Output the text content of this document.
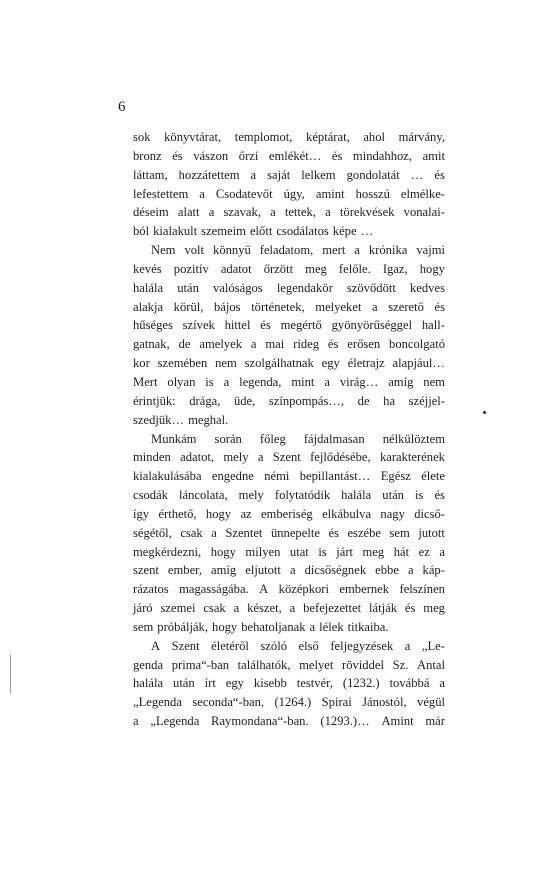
6
sok könyvtárat, templomot, képtárat, ahol márvány,
bronz és vászon őrzi emlékét… és mindahhoz, amit
láttam, hozzátettem a saját lelkem gondolatát … és
lefestettem a Csodatevőt úgy, amint hosszú elmélke-
déseim alatt a szavak, a tettek, a törekvések vonalai-
ból kialakult szemeim előtt csodálatos képe …
Nem volt könnyű feladatom, mert a krónika vajmi
kevés pozitív adatot őrzött meg felőle. Igaz, hogy
halála után valóságos legendakör szövődött kedves
alakja körül, bájos történetek, melyeket a szerető és
hűséges szívek hittel és megértő gyönyörűséggel hall-
gatnak, de amelyek a mai rideg és erősen boncolgató
kor szemében nem szolgálhatnak egy életrajz alapjául…
Mert olyan is a legenda, mint a virág… amíg nem
érintjük: drága, üde, színpompás…, de ha széjjel-
szedjük… meghal.
Munkám során főleg fájdalmasan nélkülöztem
minden adatot, mely a Szent fejlődésébe, karakterének
kialakulásába engedne némi bepillantást… Egész élete
csodák láncolata, mely folytatódik halála után is és
így érthető, hogy az emberiség elkábulva nagy dicső-
ségétől, csak a Szentet ünnepelte és eszébe sem jutott
megkérdezni, hogy milyen utat is járt meg hát ez a
szent ember, amíg eljutott a dicsőségnek ebbe a káp-
rázatos magasságába. A középkori embernek felszínen
járó szemei csak a készet, a befejezettet látják és meg
sem próbálják, hogy behatoljanak a lélek titkaiba.
A Szent életéről szóló első feljegyzések a „Le-
genda prima“-ban találhatók, melyet röviddel Sz. Antal
halála után írt egy kisebb testvér, (1232.) továbbá a
„Legenda seconda“-ban, (1264.) Spirai Jánostól, végül
a „Legenda Raymondana“-ban. (1293.)… Amint már
